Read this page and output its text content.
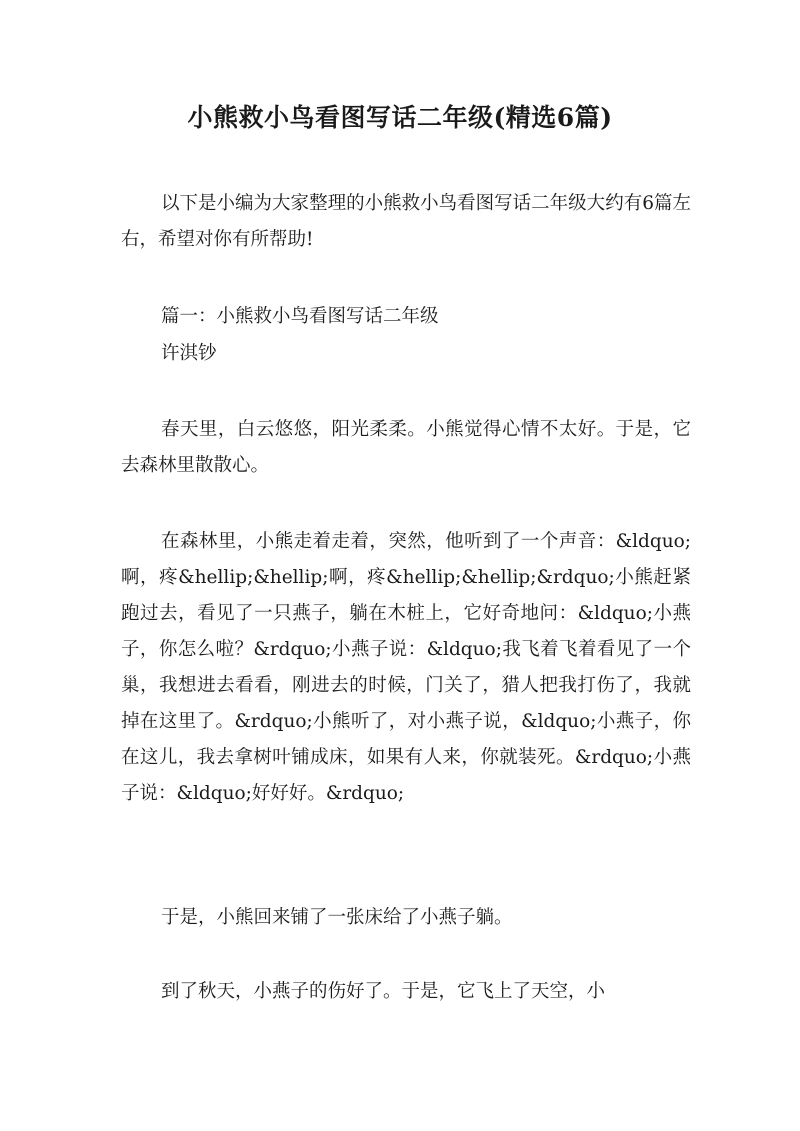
小熊救小鸟看图写话二年级(精选6篇)

以下是小编为大家整理的小熊救小鸟看图写话二年级大约有6篇左右，希望对你有所帮助!

篇一：小熊救小鸟看图写话二年级

许淇钞

春天里，白云悠悠，阳光柔柔。小熊觉得心情不太好。于是，它去森林里散散心。

在森林里，小熊走着走着，突然，他听到了一个声音：&ldquo;啊，疼&hellip;&hellip;啊，疼&hellip;&hellip;&rdquo;小熊赶紧跑过去，看见了一只燕子，躺在木桩上，它好奇地问：&ldquo;小燕子，你怎么啦？&rdquo;小燕子说：&ldquo;我飞着飞着看见了一个巢，我想进去看看，刚进去的时候，门关了，猎人把我打伤了，我就掉在这里了。&rdquo;小熊听了，对小燕子说，&ldquo;小燕子，你在这儿，我去拿树叶铺成床，如果有人来，你就装死。&rdquo;小燕子说：&ldquo;好好好。&rdquo;

于是，小熊回来铺了一张床给了小燕子躺。

到了秋天，小燕子的伤好了。于是，它飞上了天空，小
